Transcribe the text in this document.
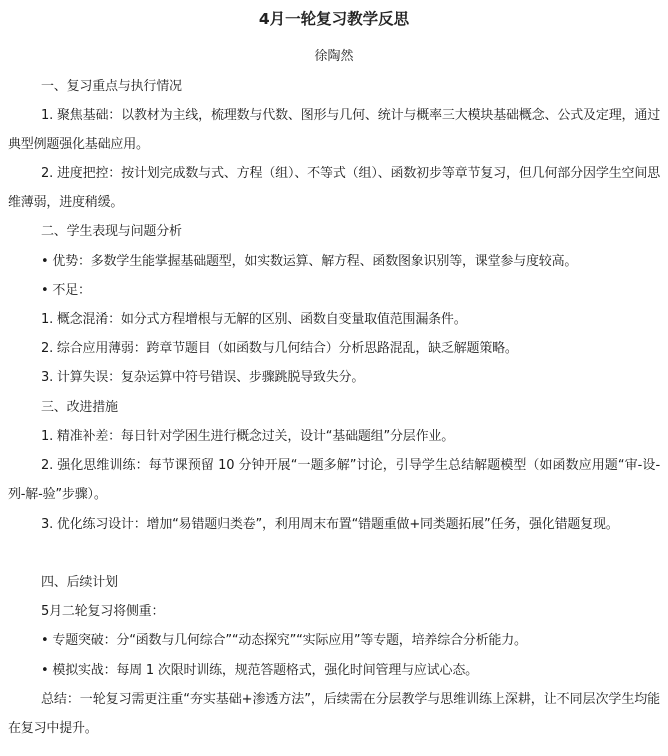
4月一轮复习教学反思
徐陶然
一、复习重点与执行情况
1. 聚焦基础：以教材为主线，梳理数与代数、图形与几何、统计与概率三大模块基础概念、公式及定理，通过典型例题强化基础应用。
2. 进度把控：按计划完成数与式、方程（组）、不等式（组）、函数初步等章节复习，但几何部分因学生空间思维薄弱，进度稍缓。
二、学生表现与问题分析
• 优势：多数学生能掌握基础题型，如实数运算、解方程、函数图象识别等，课堂参与度较高。
• 不足：
1. 概念混淆：如分式方程增根与无解的区别、函数自变量取值范围漏条件。
2. 综合应用薄弱：跨章节题目（如函数与几何结合）分析思路混乱，缺乏解题策略。
3. 计算失误：复杂运算中符号错误、步骤跳脱导致失分。
三、改进措施
1. 精准补差：每日针对学困生进行概念过关，设计“基础题组”分层作业。
2. 强化思维训练：每节课预留 10 分钟开展“一题多解”讨论，引导学生总结解题模型（如函数应用题“审-设-列-解-验”步骤）。
3. 优化练习设计：增加“易错题归类卷”，利用周末布置“错题重做+同类题拓展”任务，强化错题复现。
四、后续计划
5月二轮复习将侧重：
• 专题突破：分“函数与几何综合”“动态探究”“实际应用”等专题，培养综合分析能力。
• 模拟实战：每周 1 次限时训练，规范答题格式，强化时间管理与应试心态。
总结：一轮复习需更注重“夯实基础+渗透方法”，后续需在分层教学与思维训练上深耕，让不同层次学生均能在复习中提升。
